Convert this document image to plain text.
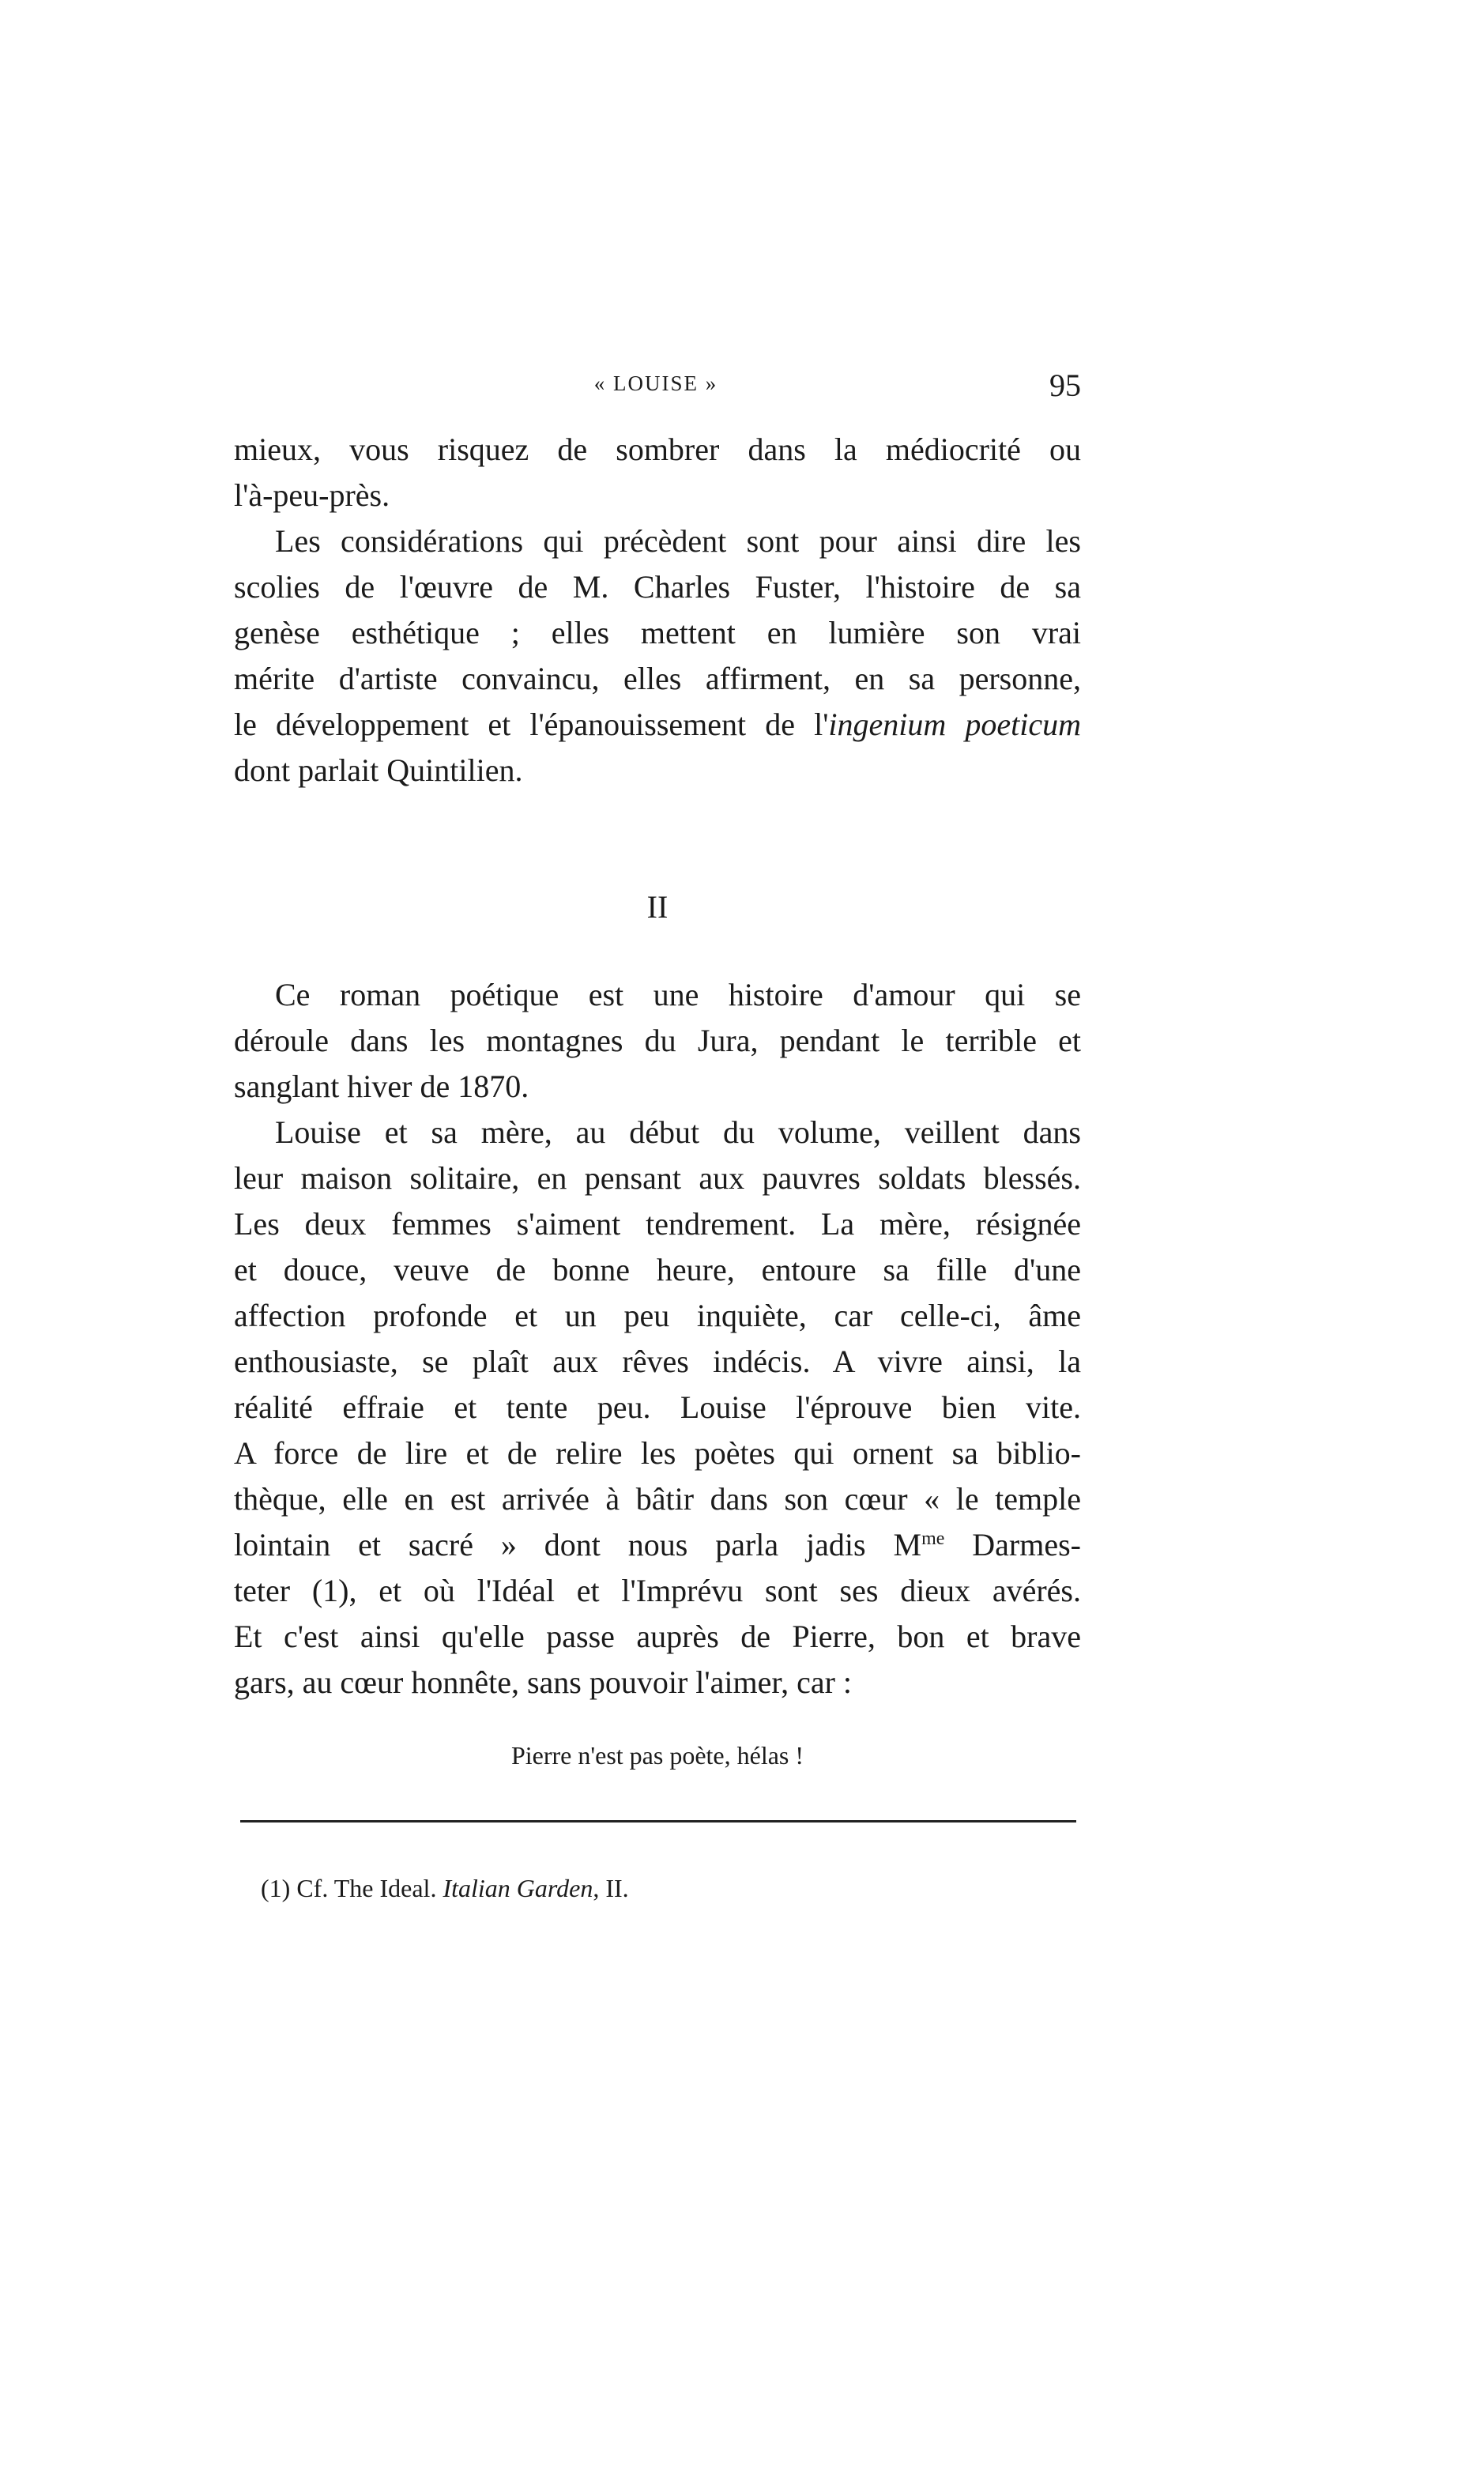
« LOUISE »	95
mieux, vous risquez de sombrer dans la médiocrité ou
l'à-peu-près.
Les considérations qui précèdent sont pour ainsi dire les
scolies de l'œuvre de M. Charles Fuster, l'histoire de sa
genèse esthétique ; elles mettent en lumière son vrai
mérite d'artiste convaincu, elles affirment, en sa personne,
le développement et l'épanouissement de l'ingenium poeticum
dont parlait Quintilien.
II
Ce roman poétique est une histoire d'amour qui se
déroule dans les montagnes du Jura, pendant le terrible et
sanglant hiver de 1870.
Louise et sa mère, au début du volume, veillent dans
leur maison solitaire, en pensant aux pauvres soldats blessés.
Les deux femmes s'aiment tendrement. La mère, résignée
et douce, veuve de bonne heure, entoure sa fille d'une
affection profonde et un peu inquiète, car celle-ci, âme
enthousiaste, se plaît aux rêves indécis. A vivre ainsi, la
réalité effraie et tente peu. Louise l'éprouve bien vite.
A force de lire et de relire les poètes qui ornent sa biblio-
thèque, elle en est arrivée à bâtir dans son cœur « le temple
lointain et sacré » dont nous parla jadis $M^{me}$ Darmes-
teter (1), et où l'Idéal et l'Imprévu sont ses dieux avérés.
Et c'est ainsi qu'elle passe auprès de Pierre, bon et brave
gars, au cœur honnête, sans pouvoir l'aimer, car :
Pierre n'est pas poète, hélas !
(1) Cf. The Ideal. Italian Garden, II.
